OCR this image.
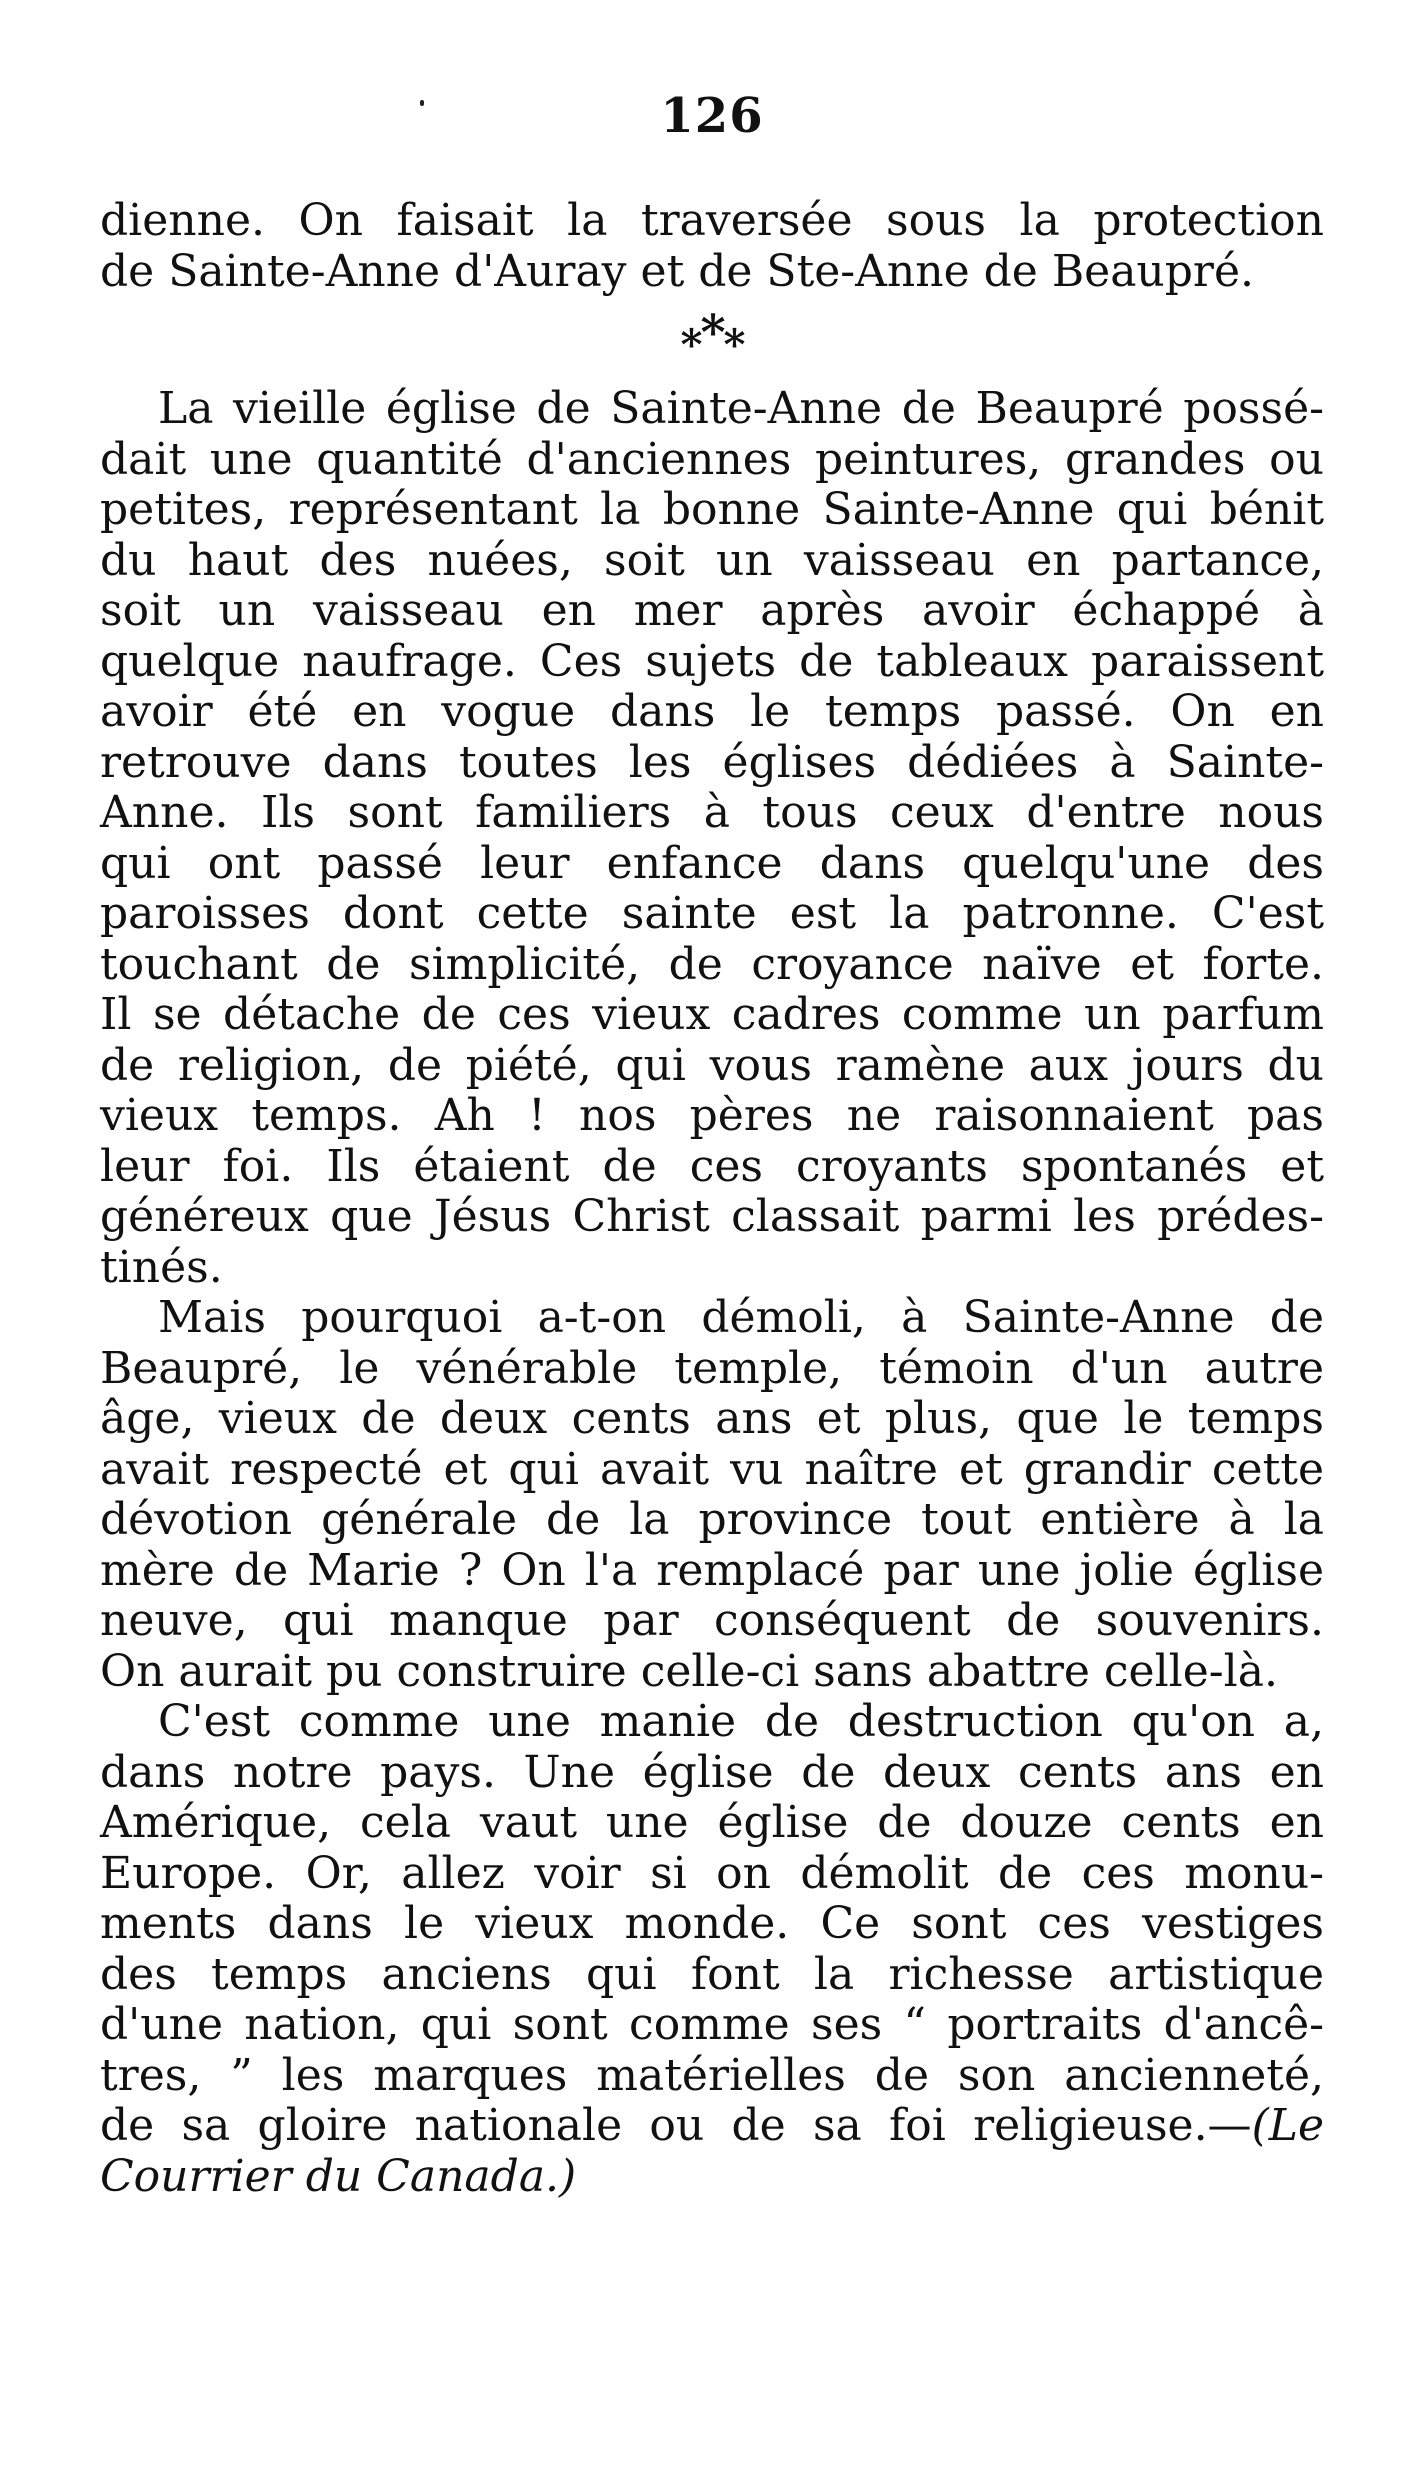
126
dienne. On faisait la traversée sous la protection
de Sainte-Anne d'Auray et de Ste-Anne de Beaupré.
***
La vieille église de Sainte-Anne de Beaupré possé-
dait une quantité d'anciennes peintures, grandes ou
petites, représentant la bonne Sainte-Anne qui bénit
du haut des nuées, soit un vaisseau en partance,
soit un vaisseau en mer après avoir échappé à
quelque naufrage. Ces sujets de tableaux paraissent
avoir été en vogue dans le temps passé. On en
retrouve dans toutes les églises dédiées à Sainte-
Anne. Ils sont familiers à tous ceux d'entre nous
qui ont passé leur enfance dans quelqu'une des
paroisses dont cette sainte est la patronne. C'est
touchant de simplicité, de croyance naïve et forte.
Il se détache de ces vieux cadres comme un parfum
de religion, de piété, qui vous ramène aux jours du
vieux temps. Ah ! nos pères ne raisonnaient pas
leur foi. Ils étaient de ces croyants spontanés et
généreux que Jésus Christ classait parmi les prédes-
tinés.
Mais pourquoi a-t-on démoli, à Sainte-Anne de
Beaupré, le vénérable temple, témoin d'un autre
âge, vieux de deux cents ans et plus, que le temps
avait respecté et qui avait vu naître et grandir cette
dévotion générale de la province tout entière à la
mère de Marie ? On l'a remplacé par une jolie église
neuve, qui manque par conséquent de souvenirs.
On aurait pu construire celle-ci sans abattre celle-là.
C'est comme une manie de destruction qu'on a,
dans notre pays. Une église de deux cents ans en
Amérique, cela vaut une église de douze cents en
Europe. Or, allez voir si on démolit de ces monu-
ments dans le vieux monde. Ce sont ces vestiges
des temps anciens qui font la richesse artistique
d'une nation, qui sont comme ses “ portraits d'ancê-
tres, ” les marques matérielles de son ancienneté,
de sa gloire nationale ou de sa foi religieuse.—(Le
Courrier du Canada.)
